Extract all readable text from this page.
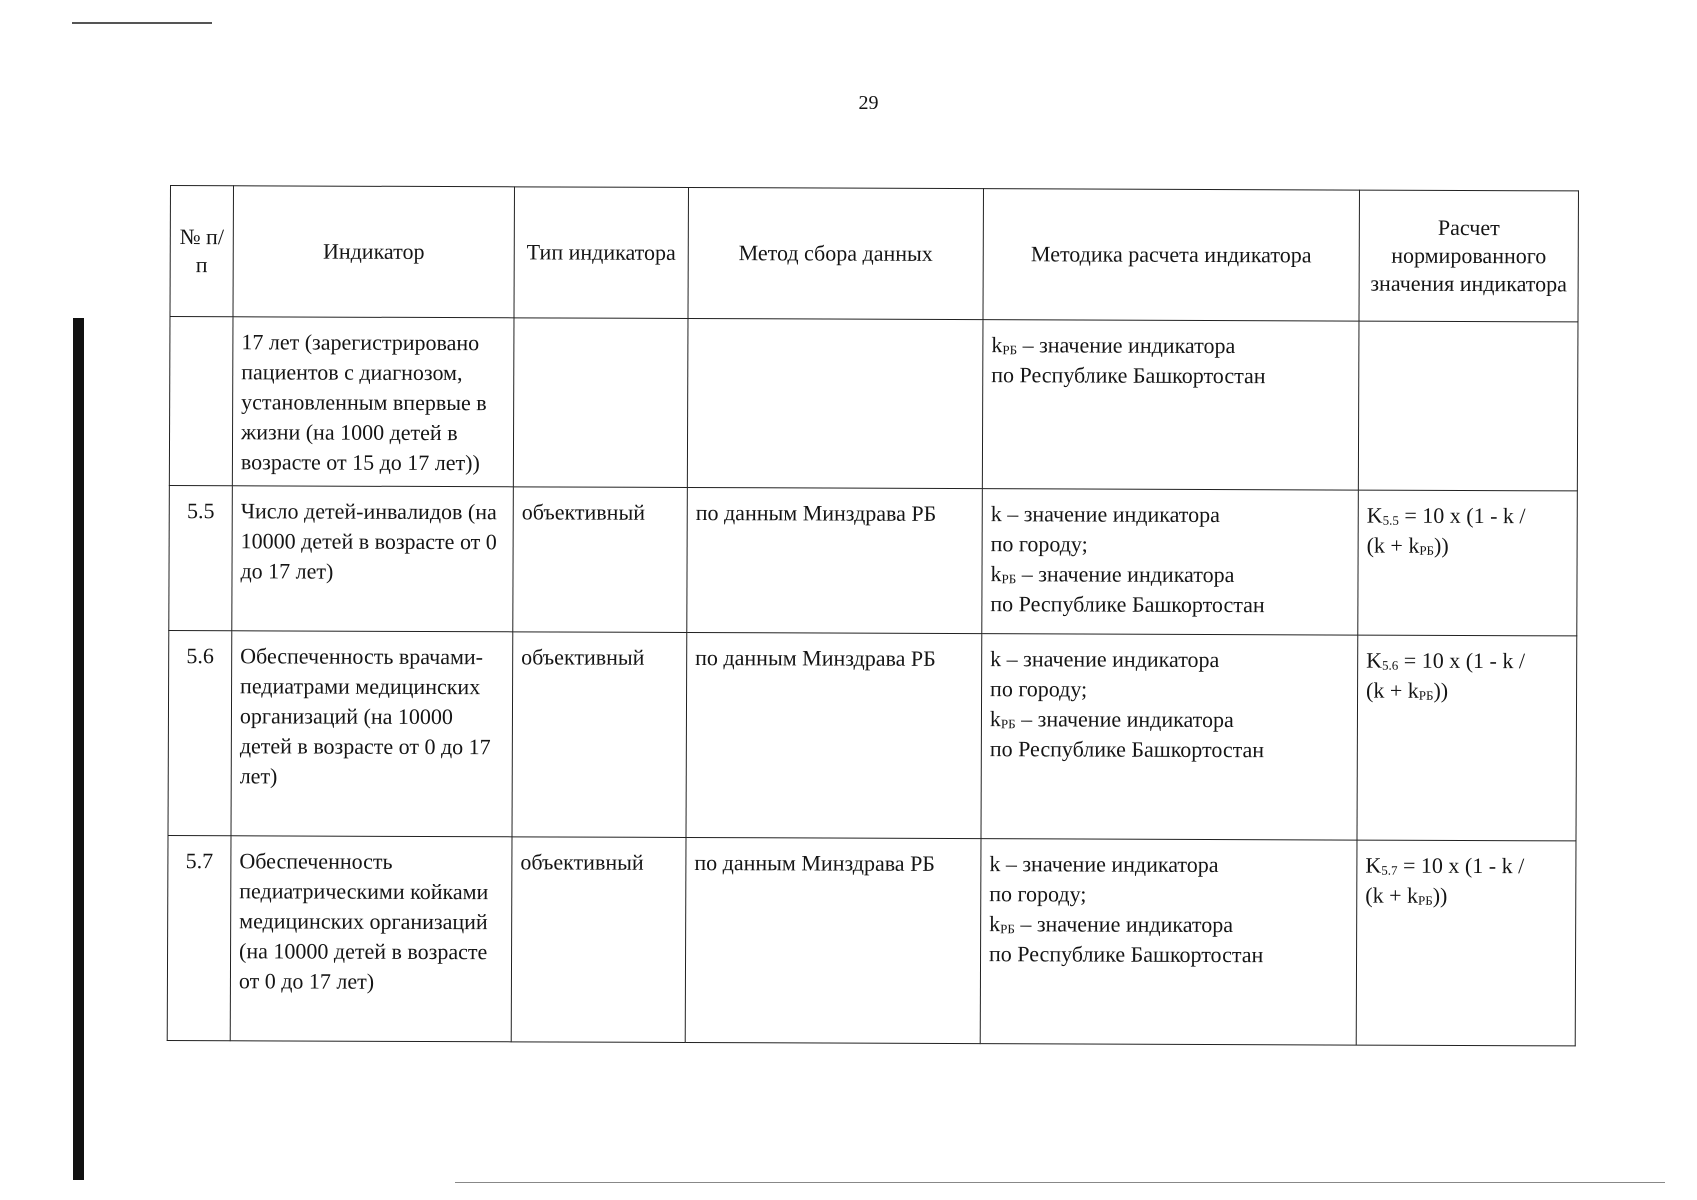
29
№ п/п	Индикатор	Тип индикатора	Метод сбора данных	Методика расчета индикатора	Расчет нормированного значения индикатора
	17 лет (зарегистрировано пациентов с диагнозом, установленным впервые в жизни (на 1000 детей в возрасте от 15 до 17 лет))			$k_{РБ}$ – значение индикатора
по Республике Башкортостан	

5.5	Число детей-инвалидов (на 10000 детей в возрасте от 0 до 17 лет)	объективный	по данным Минздрава РБ	k – значение индикатора
по городу;
$k_{РБ}$ – значение индикатора
по Республике Башкортостан	$K_{5.5} = 10$ x (1 - k /
$(k + k_{РБ})$)

5.6	Обеспеченность врачами-педиатрами медицинских организаций (на 10000 детей в возрасте от 0 до 17 лет)	объективный	по данным Минздрава РБ	k – значение индикатора
по городу;
$k_{РБ}$ – значение индикатора
по Республике Башкортостан	$K_{5.6} = 10$ x (1 - k /
$(k + k_{РБ})$)

5.7	Обеспеченность педиатрическими койками медицинских организаций (на 10000 детей в возрасте от 0 до 17 лет)	объективный	по данным Минздрава РБ	k – значение индикатора
по городу;
$k_{РБ}$ – значение индикатора
по Республике Башкортостан	$K_{5.7} = 10$ x (1 - k /
$(k + k_{РБ})$)
